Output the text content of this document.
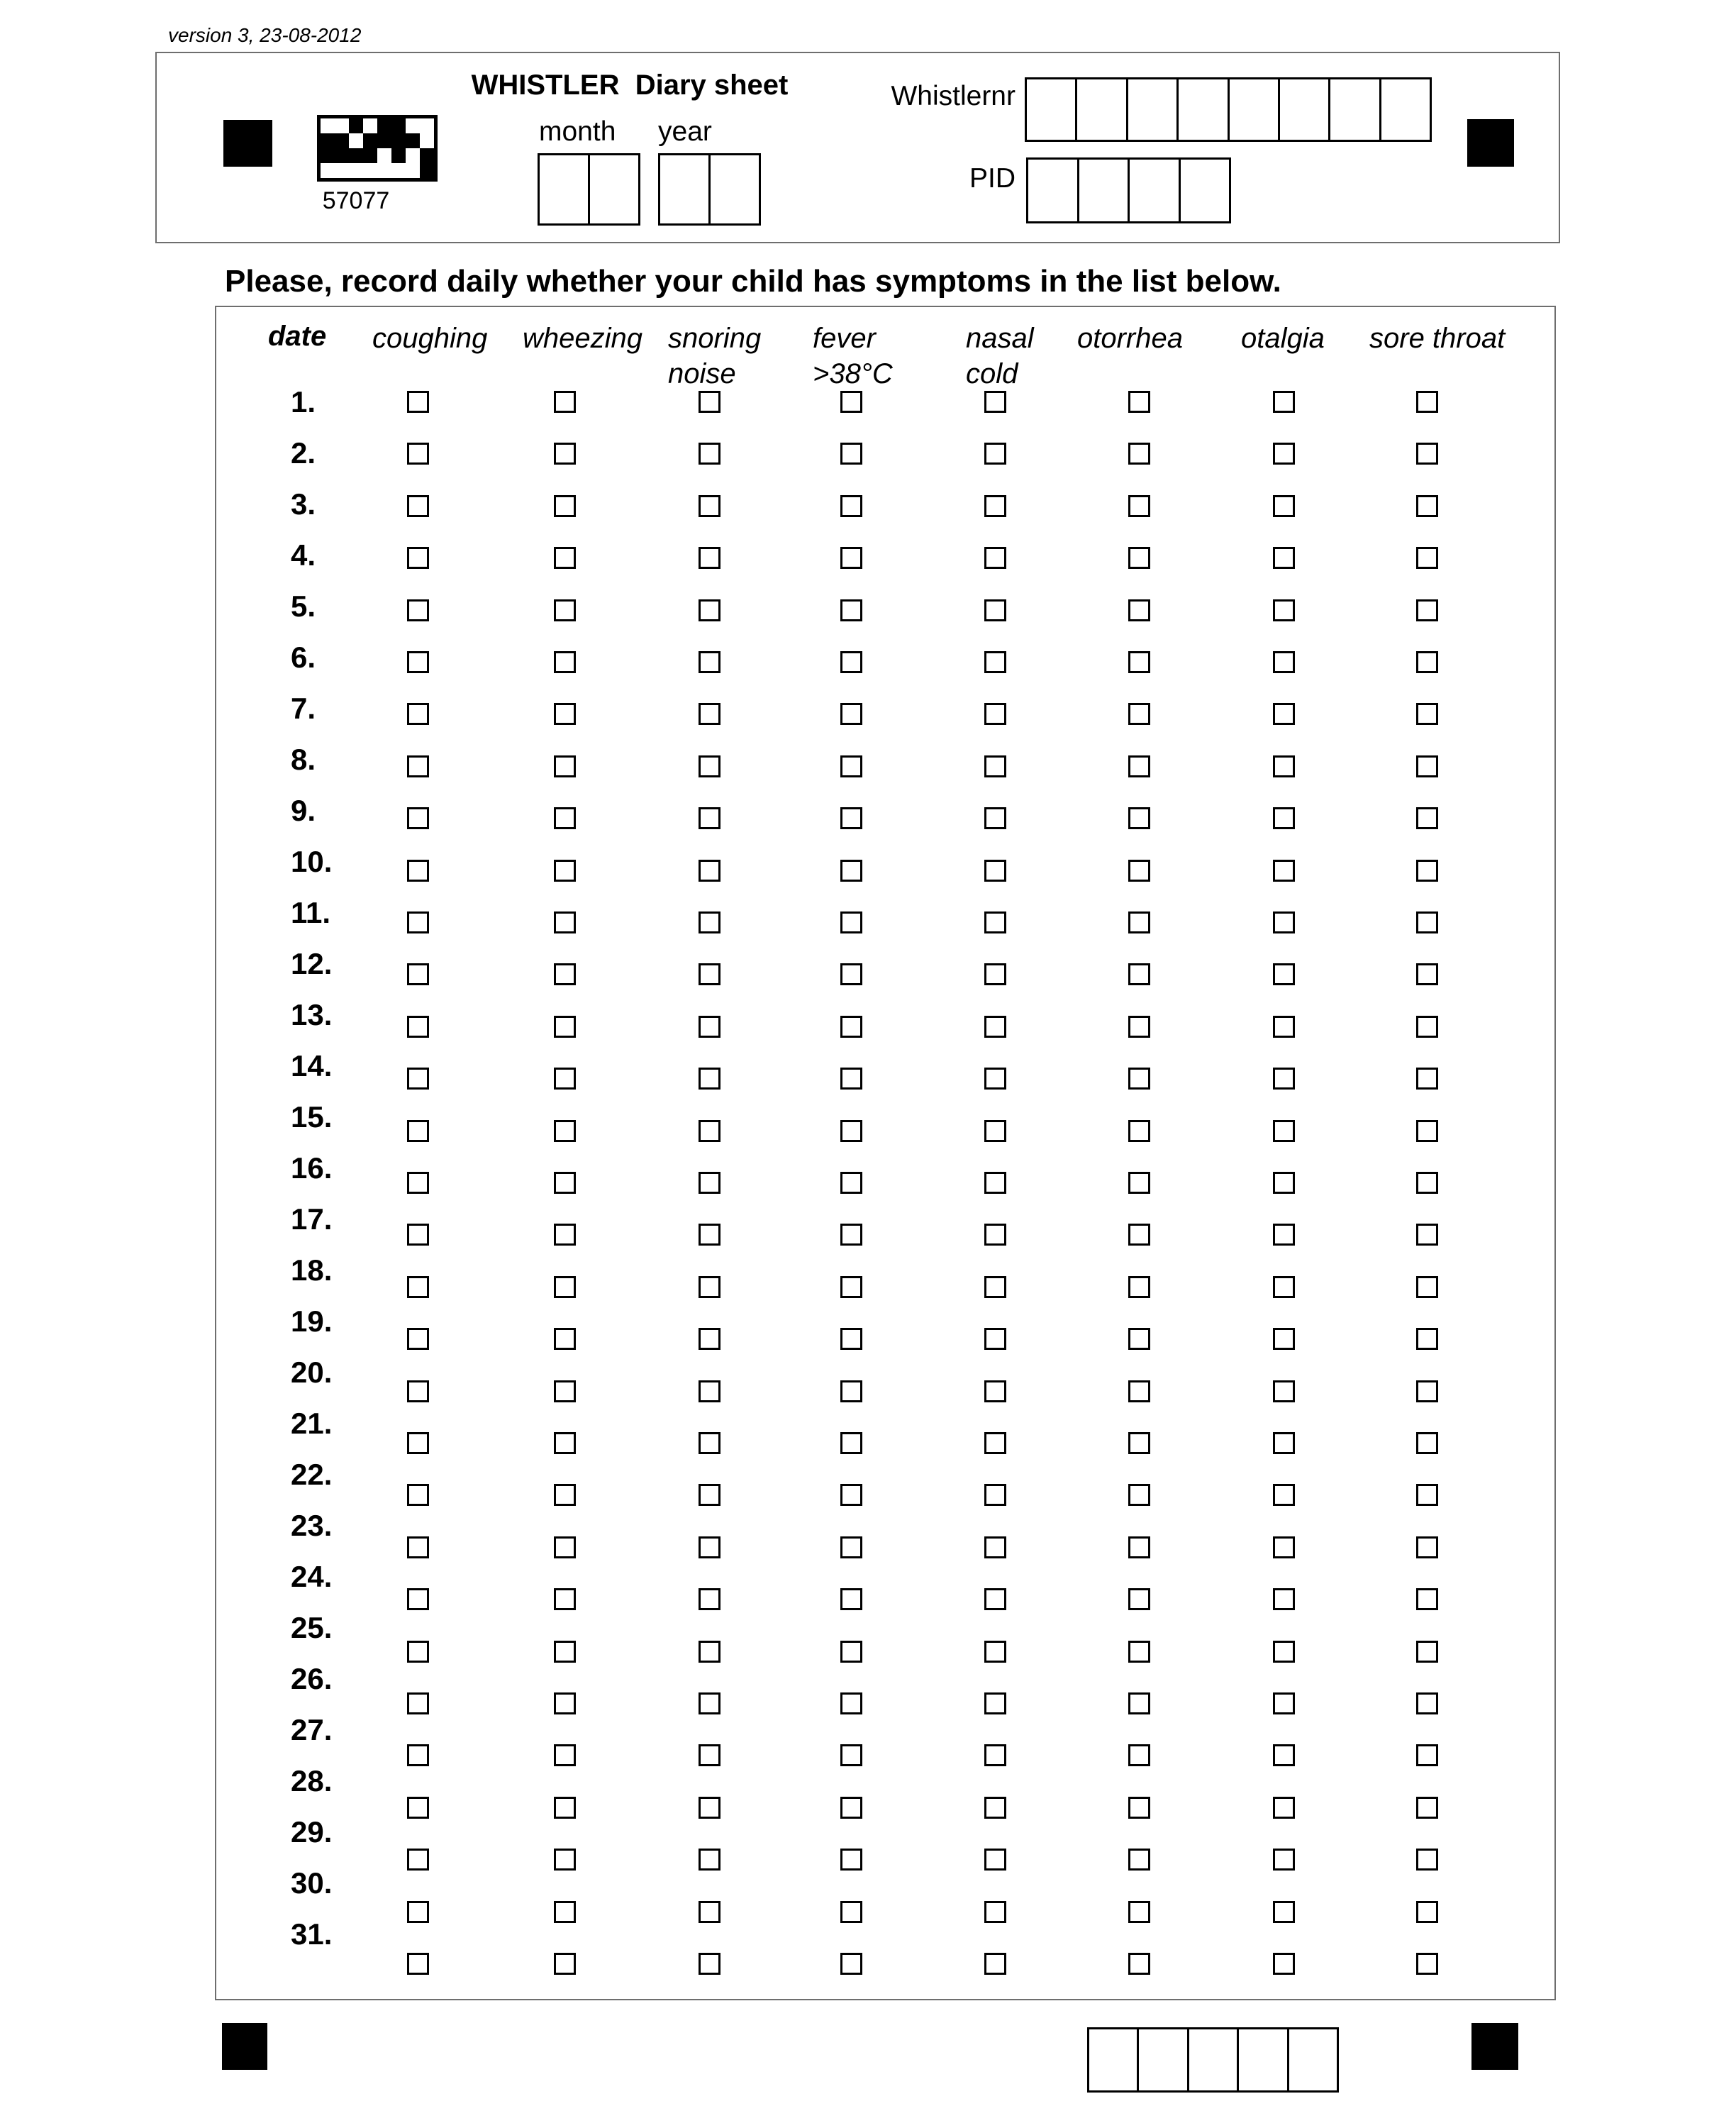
version 3, 23-08-2012
57077
WHISTLER  Diary sheet
month year
Whistlernr
PID
Please, record daily whether your child has symptoms in the list below.
date coughing wheezing snoring
noise
fever
>38°C
nasal
cold
otorrhea otalgia sore throat
1.
2.
3.
4.
5.
6.
7.
8.
9.
10.
11.
12.
13.
14.
15.
16.
17.
18.
19.
20.
21.
22.
23.
24.
25.
26.
27.
28.
29.
30.
31.
